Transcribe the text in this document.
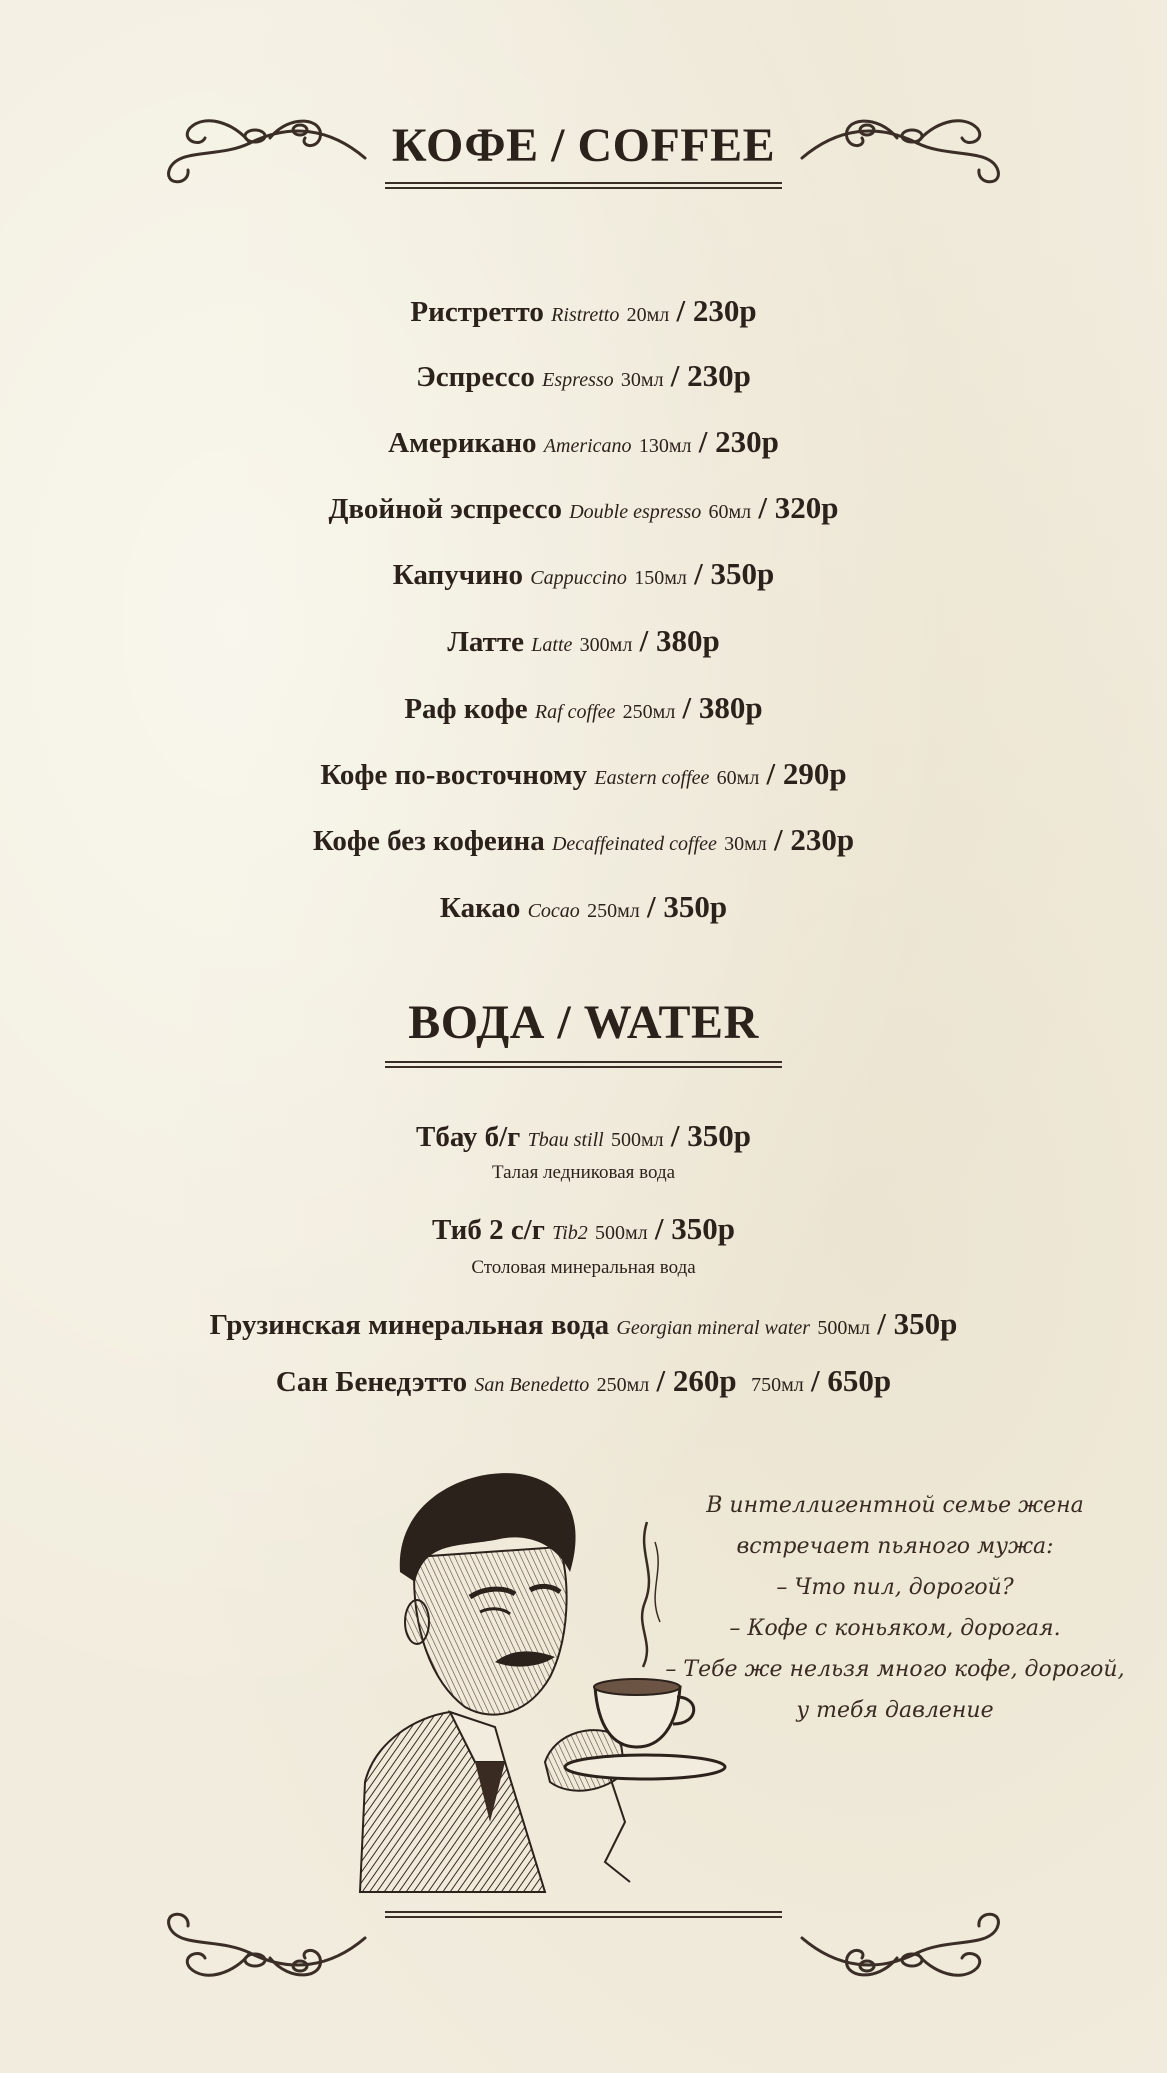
КОФЕ / COFFEE
Ристретто Ristretto 20мл / 230р
Эспрессо Espresso 30мл / 230р
Американо Americano 130мл / 230р
Двойной эспрессо Double espresso 60мл / 320р
Капучино Cappuccino 150мл / 350р
Латте Latte 300мл / 380р
Раф кофе Raf coffee 250мл / 380р
Кофе по-восточному Eastern coffee 60мл / 290р
Кофе без кофеина Decaffeinated coffee 30мл / 230р
Какао Cocao 250мл / 350р
ВОДА / WATER
Тбау б/г Tbau still 500мл / 350р
Талая ледниковая вода
Тиб 2 с/г Tib2 500мл / 350р
Столовая минеральная вода
Грузинская минеральная вода Georgian mineral water 500мл / 350р
Сан Бенедэтто San Benedetto 250мл / 260р 750мл / 650р
В интеллигентной семье жена
встречает пьяного мужа:
– Что пил, дорогой?
– Кофе с коньяком, дорогая.
– Тебе же нельзя много кофе, дорогой,
у тебя давление
